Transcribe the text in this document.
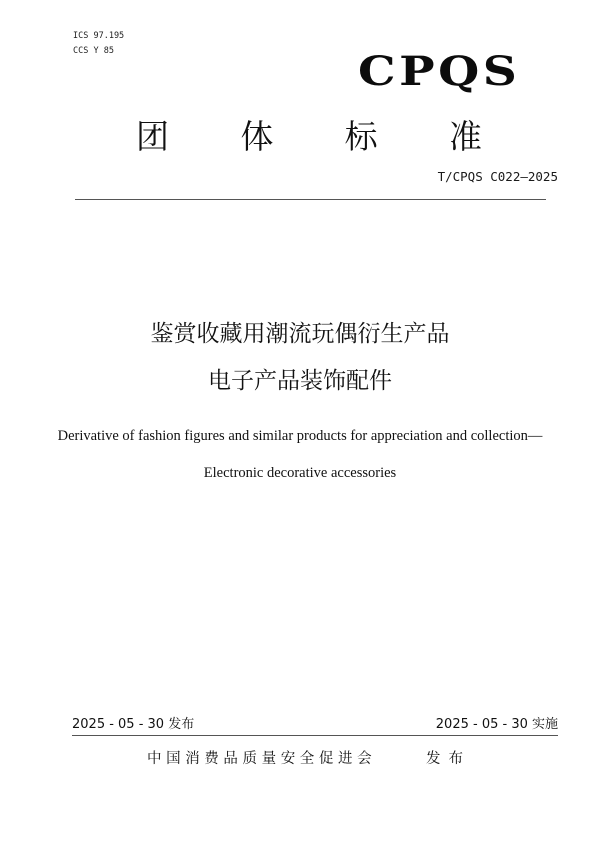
ICS 97.195
CCS Y 85	CPQS
团 体 标 准
T/CPQS C022—2025
鉴赏收藏用潮流玩偶衍生产品
电子产品装饰配件
Derivative of fashion figures and similar products for appreciation and collection—
Electronic decorative accessories
2025 - 05 - 30 发布	2025 - 05 - 30 实施
中国消费品质量安全促进会	发布
